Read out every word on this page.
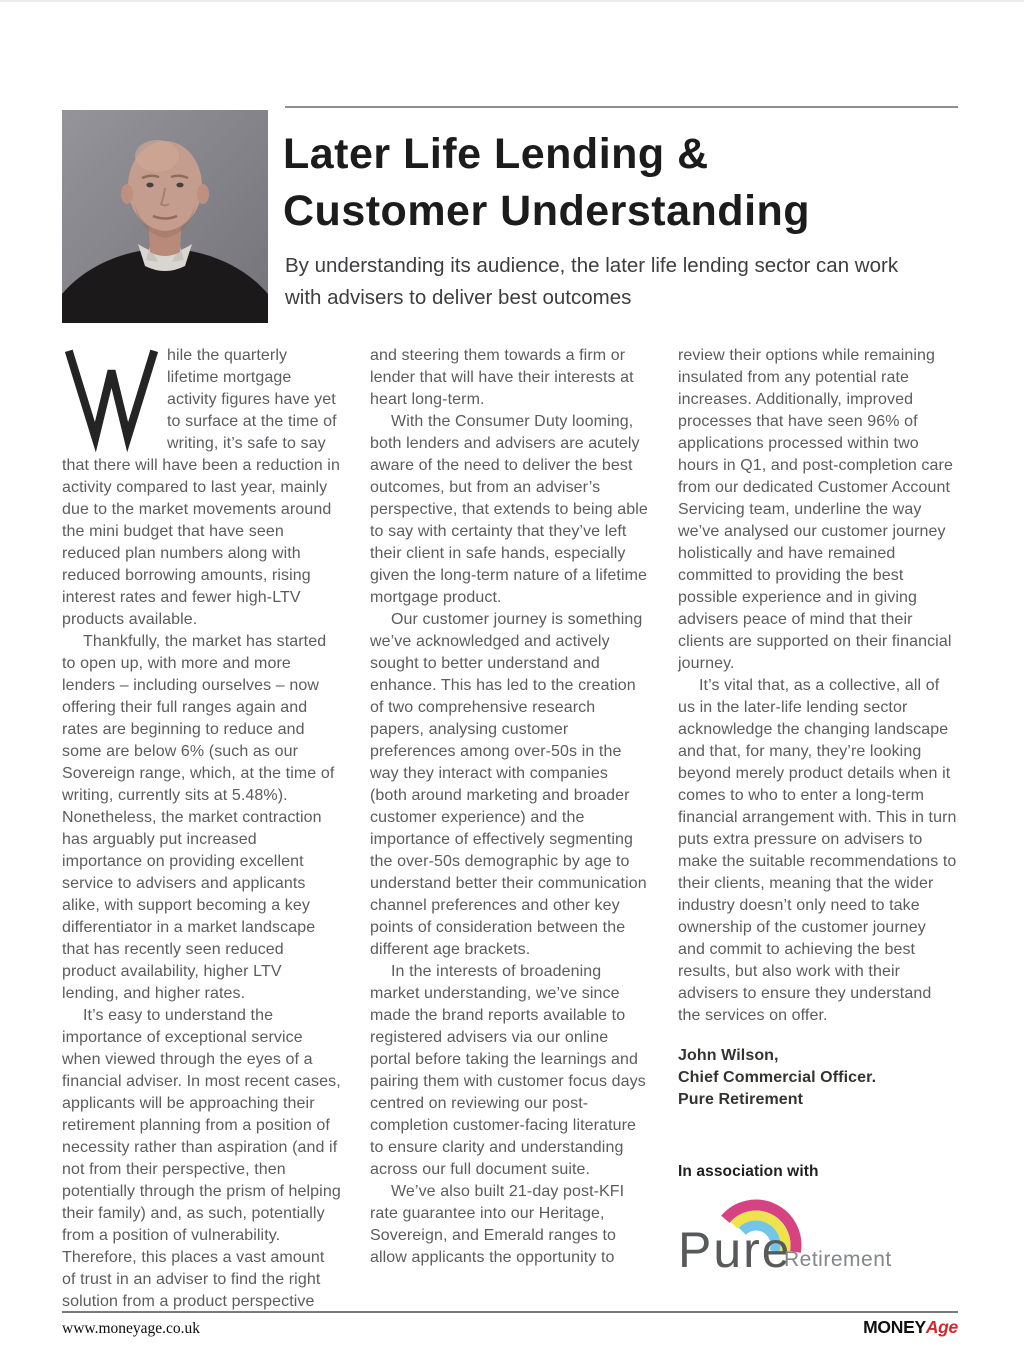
Later Life Lending &
Customer Understanding
By understanding its audience, the later life lending sector can work
with advisers to deliver best outcomes

hile the quarterly lifetime mortgage activity figures have yet to surface at the time of writing, it’s safe to say that there will have been a reduction in activity compared to last year, mainly due to the market movements around the mini budget that have seen reduced plan numbers along with reduced borrowing amounts, rising interest rates and fewer high-LTV products available.

Thankfully, the market has started to open up, with more and more lenders – including ourselves – now offering their full ranges again and rates are beginning to reduce and some are below 6% (such as our Sovereign range, which, at the time of writing, currently sits at 5.48%). Nonetheless, the market contraction has arguably put increased importance on providing excellent service to advisers and applicants alike, with support becoming a key differentiator in a market landscape that has recently seen reduced product availability, higher LTV lending, and higher rates.

It’s easy to understand the importance of exceptional service when viewed through the eyes of a financial adviser. In most recent cases, applicants will be approaching their retirement planning from a position of necessity rather than aspiration (and if not from their perspective, then potentially through the prism of helping their family) and, as such, potentially from a position of vulnerability. Therefore, this places a vast amount of trust in an adviser to find the right solution from a product perspective

and steering them towards a firm or lender that will have their interests at heart long-term.

With the Consumer Duty looming, both lenders and advisers are acutely aware of the need to deliver the best outcomes, but from an adviser’s perspective, that extends to being able to say with certainty that they’ve left their client in safe hands, especially given the long-term nature of a lifetime mortgage product.

Our customer journey is something we’ve acknowledged and actively sought to better understand and enhance. This has led to the creation of two comprehensive research papers, analysing customer preferences among over-50s in the way they interact with companies (both around marketing and broader customer experience) and the importance of effectively segmenting the over-50s demographic by age to understand better their communication channel preferences and other key points of consideration between the different age brackets.

In the interests of broadening market understanding, we’ve since made the brand reports available to registered advisers via our online portal before taking the learnings and pairing them with customer focus days centred on reviewing our post-completion customer-facing literature to ensure clarity and understanding across our full document suite.

We’ve also built 21-day post-KFI rate guarantee into our Heritage, Sovereign, and Emerald ranges to allow applicants the opportunity to

review their options while remaining insulated from any potential rate increases. Additionally, improved processes that have seen 96% of applications processed within two hours in Q1, and post-completion care from our dedicated Customer Account Servicing team, underline the way we’ve analysed our customer journey holistically and have remained committed to providing the best possible experience and in giving advisers peace of mind that their clients are supported on their financial journey.

It’s vital that, as a collective, all of us in the later-life lending sector acknowledge the changing landscape and that, for many, they’re looking beyond merely product details when it comes to who to enter a long-term financial arrangement with. This in turn puts extra pressure on advisers to make the suitable recommendations to their clients, meaning that the wider industry doesn’t only need to take ownership of the customer journey and commit to achieving the best results, but also work with their advisers to ensure they understand the services on offer.

John Wilson,
Chief Commercial Officer.
Pure Retirement
In association with
Pure
Retirement
www.moneyage.co.uk	MONEYAge
